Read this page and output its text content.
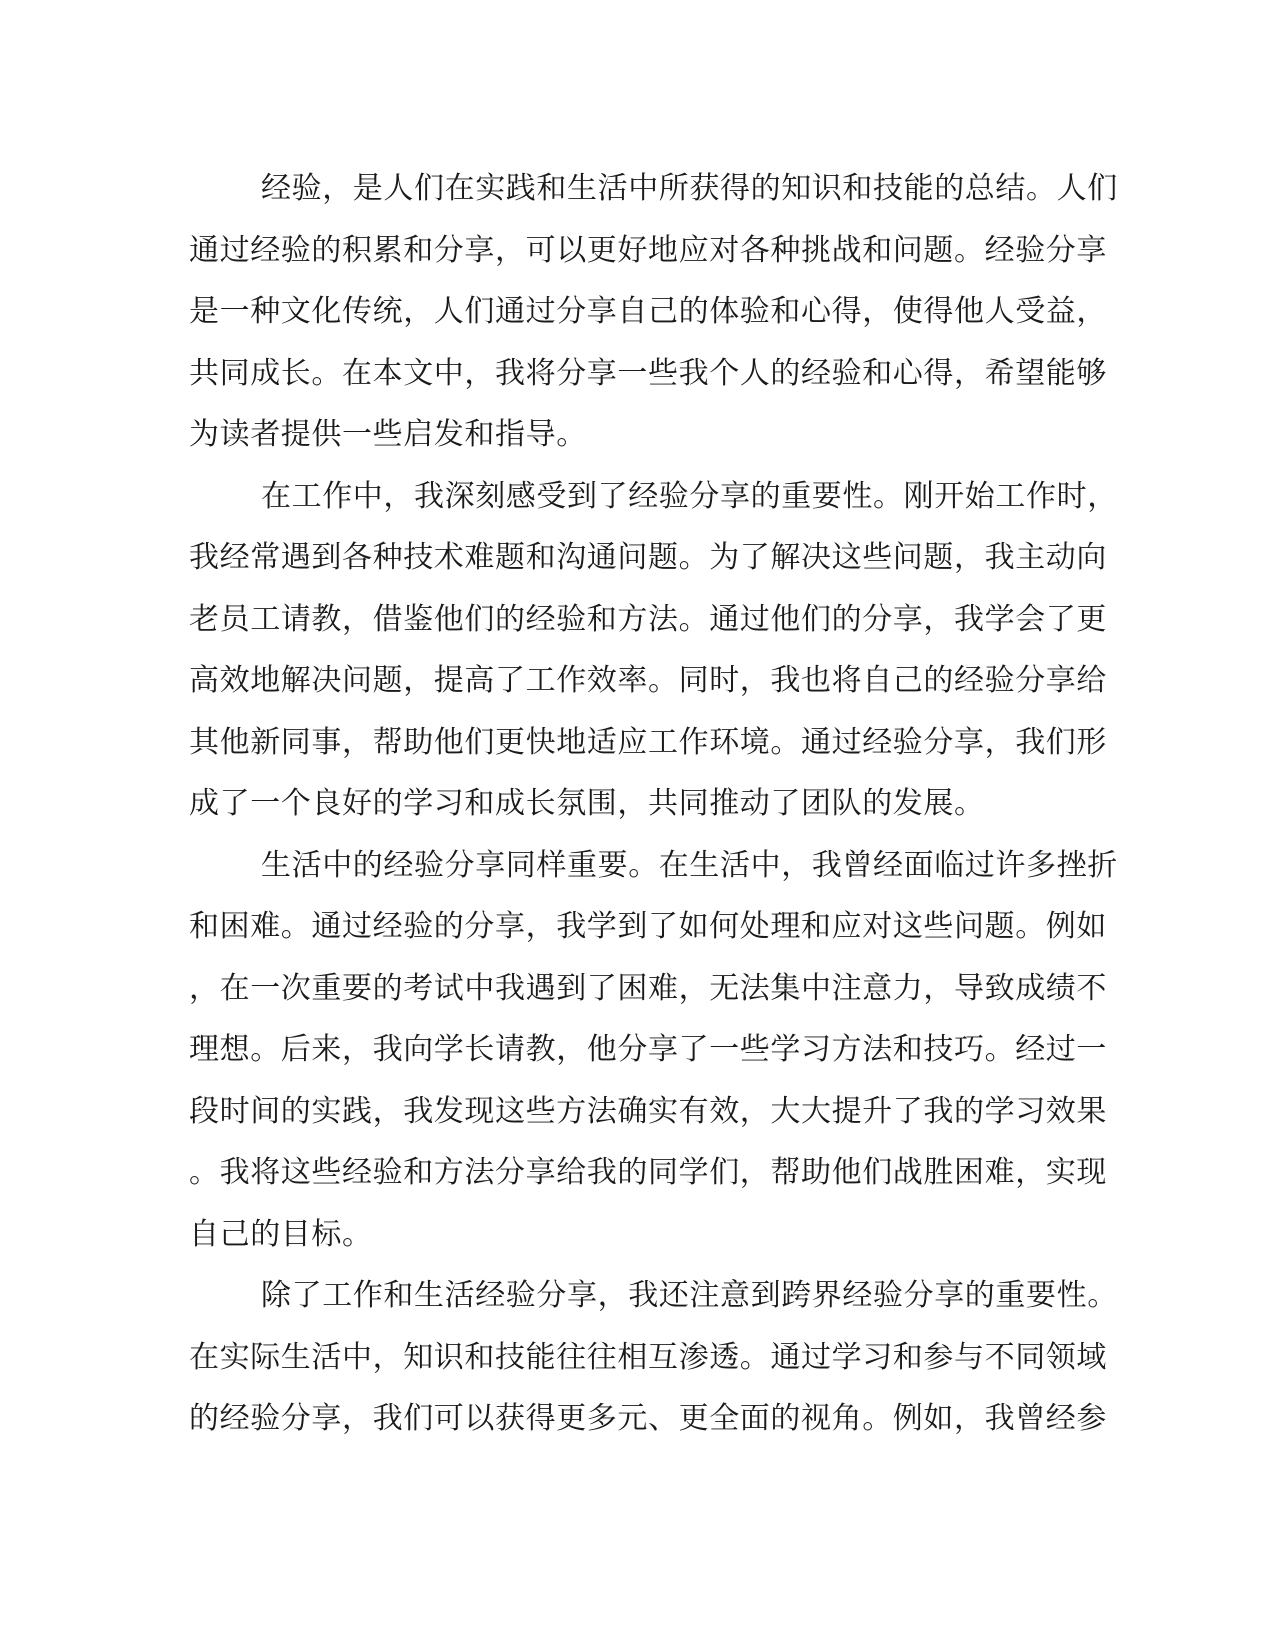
经验，是人们在实践和生活中所获得的知识和技能的总结。人们
通过经验的积累和分享，可以更好地应对各种挑战和问题。经验分享
是一种文化传统，人们通过分享自己的体验和心得，使得他人受益，
共同成长。在本文中，我将分享一些我个人的经验和心得，希望能够
为读者提供一些启发和指导。
在工作中，我深刻感受到了经验分享的重要性。刚开始工作时，
我经常遇到各种技术难题和沟通问题。为了解决这些问题，我主动向
老员工请教，借鉴他们的经验和方法。通过他们的分享，我学会了更
高效地解决问题，提高了工作效率。同时，我也将自己的经验分享给
其他新同事，帮助他们更快地适应工作环境。通过经验分享，我们形
成了一个良好的学习和成长氛围，共同推动了团队的发展。
生活中的经验分享同样重要。在生活中，我曾经面临过许多挫折
和困难。通过经验的分享，我学到了如何处理和应对这些问题。例如
，在一次重要的考试中我遇到了困难，无法集中注意力，导致成绩不
理想。后来，我向学长请教，他分享了一些学习方法和技巧。经过一
段时间的实践，我发现这些方法确实有效，大大提升了我的学习效果
。我将这些经验和方法分享给我的同学们，帮助他们战胜困难，实现
自己的目标。
除了工作和生活经验分享，我还注意到跨界经验分享的重要性。
在实际生活中，知识和技能往往相互渗透。通过学习和参与不同领域
的经验分享，我们可以获得更多元、更全面的视角。例如，我曾经参
